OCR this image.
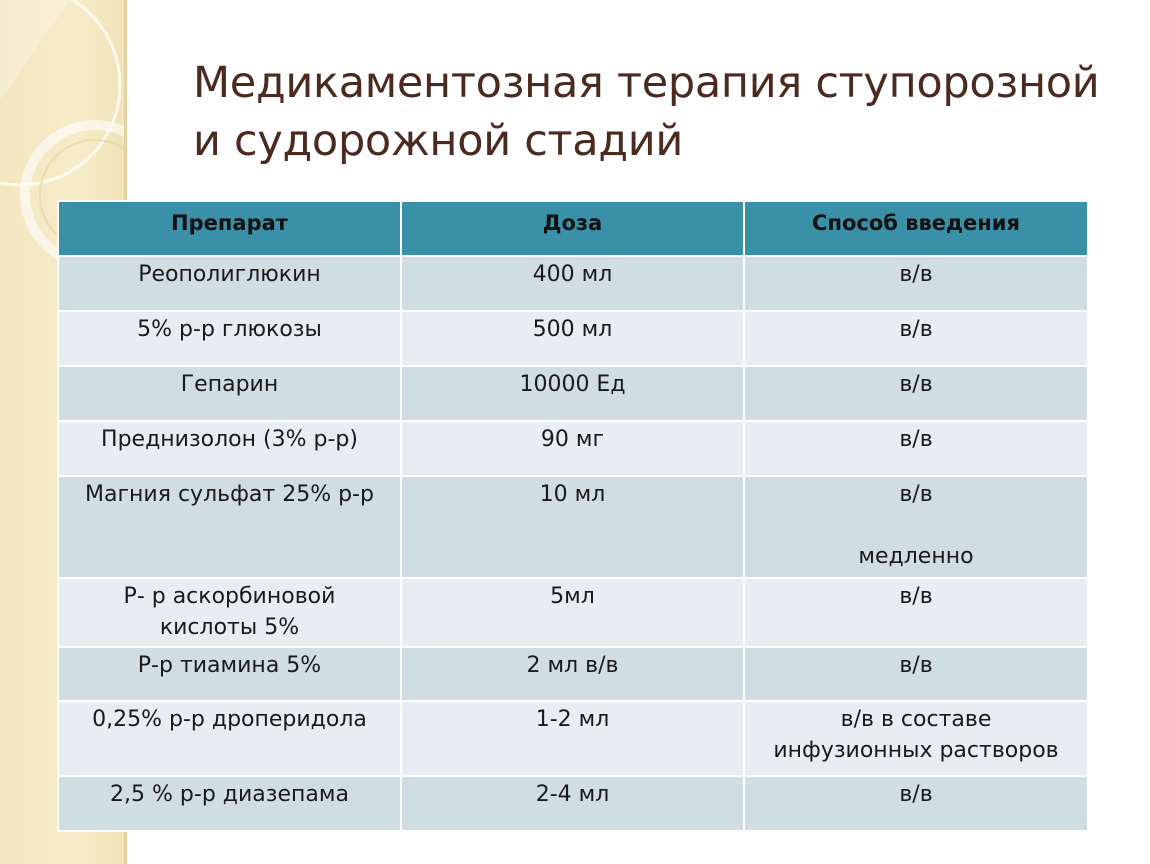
Медикаментозная терапия ступорозной
и судорожной стадий
Препарат	Доза	Способ введения
Реополиглюкин	400 мл	в/в
5% р-р глюкозы	500 мл	в/в
Гепарин	10000 Ед	в/в
Преднизолон (3% р-р)	90 мг	в/в
Магния сульфат 25% р-р	10 мл	в/в
медленно

Р- р аскорбиновой
кислоты 5%	5мл	в/в
Р-р тиамина 5%	2 мл в/в	в/в
0,25% р-р дроперидола	1-2 мл	в/в в составе
инфузионных растворов

2,5 % р-р диазепама	2-4 мл	в/в
